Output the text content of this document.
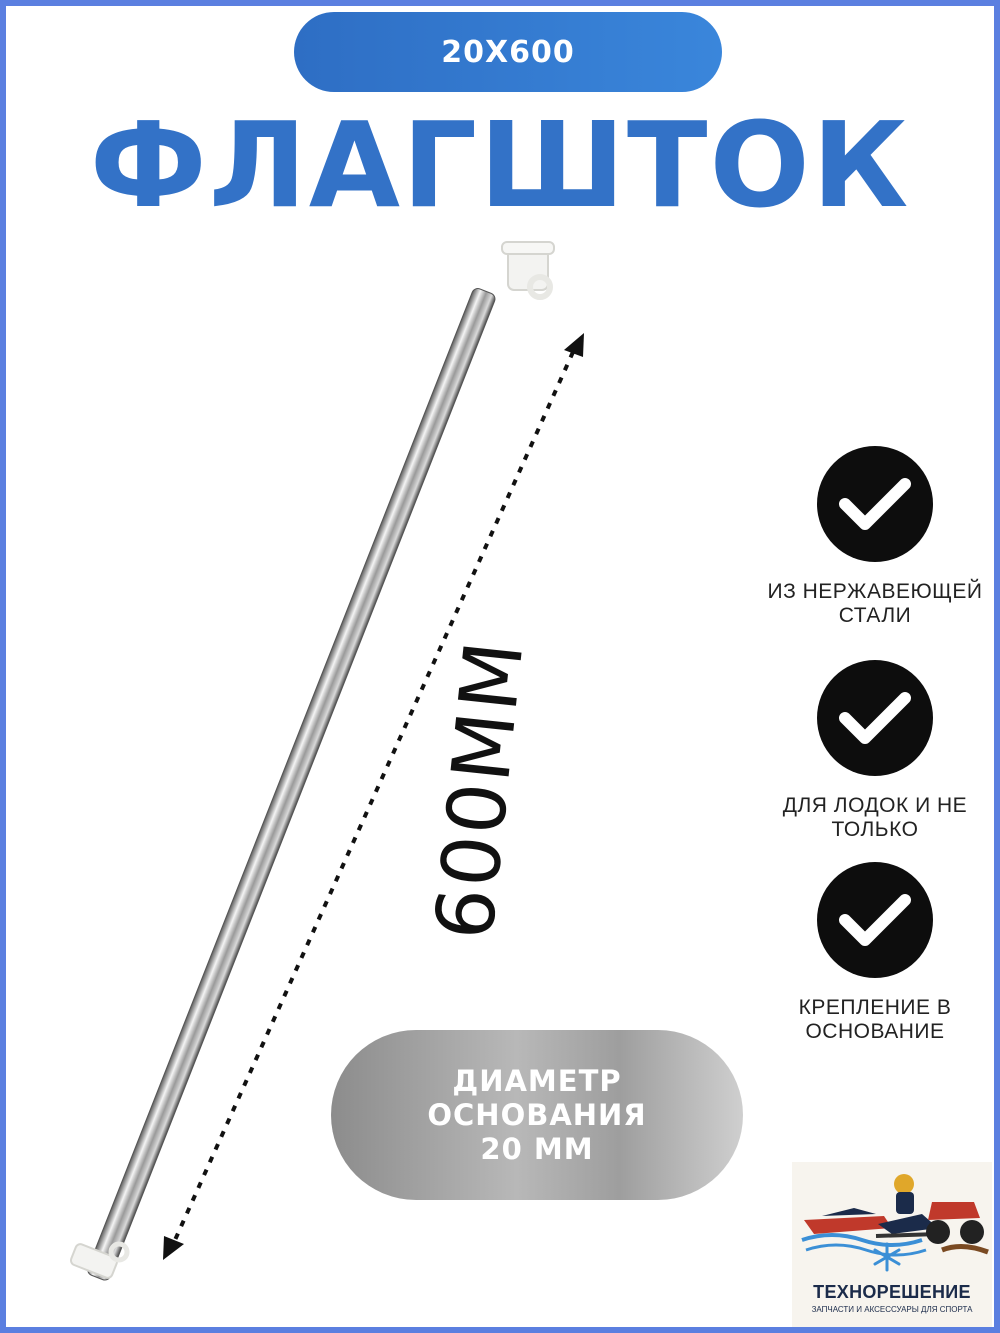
20X600
ФЛАГШТОК
600ММ
ИЗ НЕРЖАВЕЮЩЕЙ
СТАЛИ
ДЛЯ ЛОДОК И НЕ
ТОЛЬКО
КРЕПЛЕНИЕ В
ОСНОВАНИЕ
ДИАМЕТР
ОСНОВАНИЯ
20 ММ
ТЕХНОРЕШЕНИЕ
ЗАПЧАСТИ И АКСЕССУАРЫ ДЛЯ СПОРТА
